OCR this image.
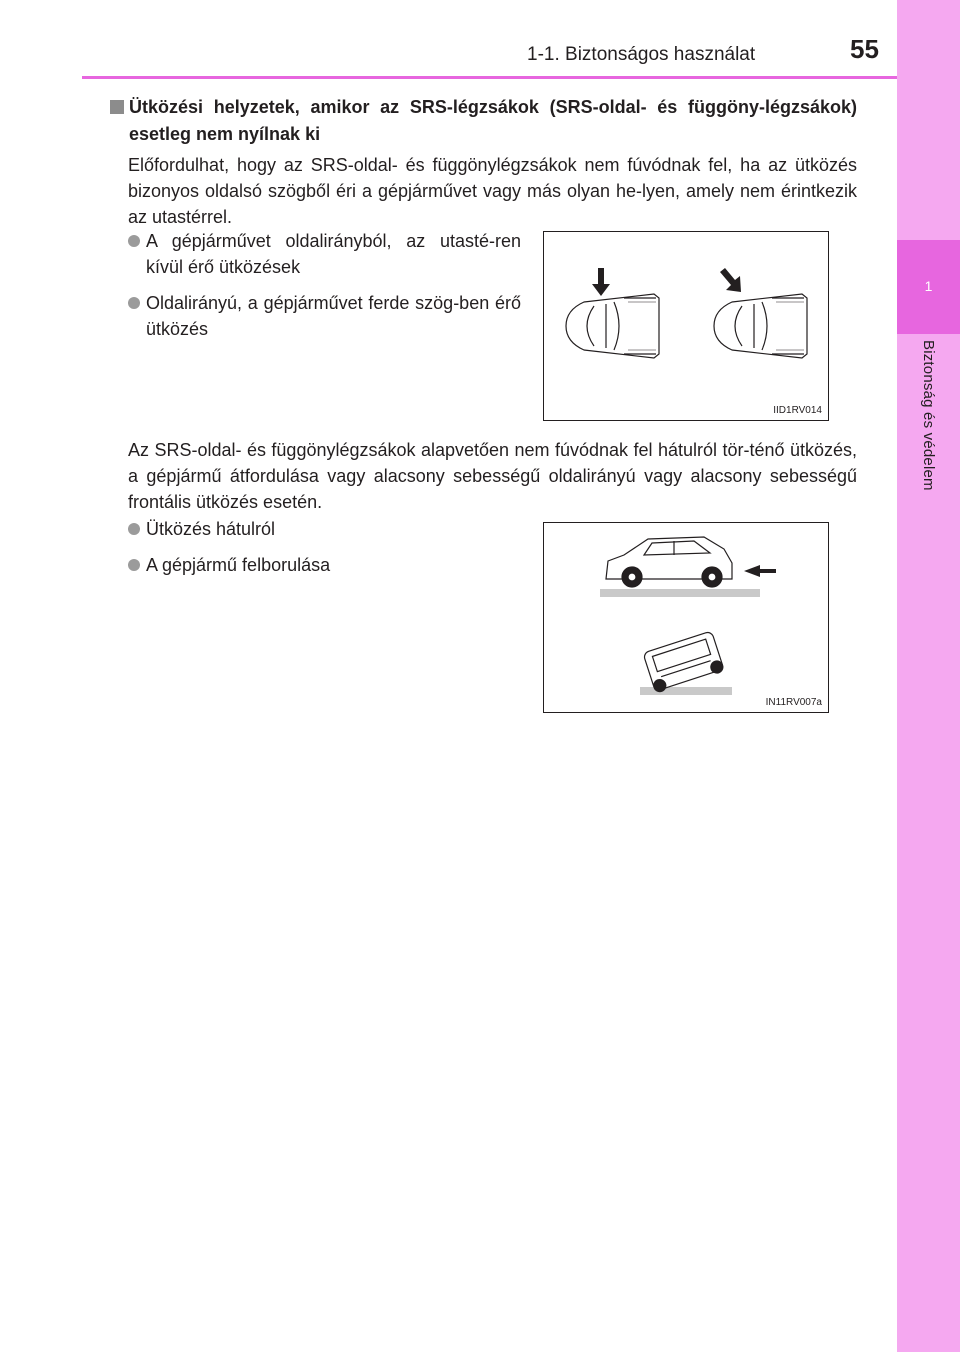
1
Biztonság és védelem
1-1. Biztonságos használat	55
Ütközési helyzetek, amikor az SRS-légzsákok (SRS-oldal- és függöny-légzsákok) esetleg nem nyílnak ki
Előfordulhat, hogy az SRS-oldal- és függönylégzsákok nem fúvódnak fel, ha az ütközés bizonyos oldalsó szögből éri a gépjárművet vagy más olyan he-lyen, amely nem érintkezik az utastérrel.
A gépjárművet oldalirányból, az utasté-ren kívül érő ütközések
Oldalirányú, a gépjárművet ferde szög-ben érő ütközés
IID1RV014
Az SRS-oldal- és függönylégzsákok alapvetően nem fúvódnak fel hátulról tör-ténő ütközés, a gépjármű átfordulása vagy alacsony sebességű oldalirányú vagy alacsony sebességű frontális ütközés esetén.
Ütközés hátulról
A gépjármű felborulása
IN11RV007a
